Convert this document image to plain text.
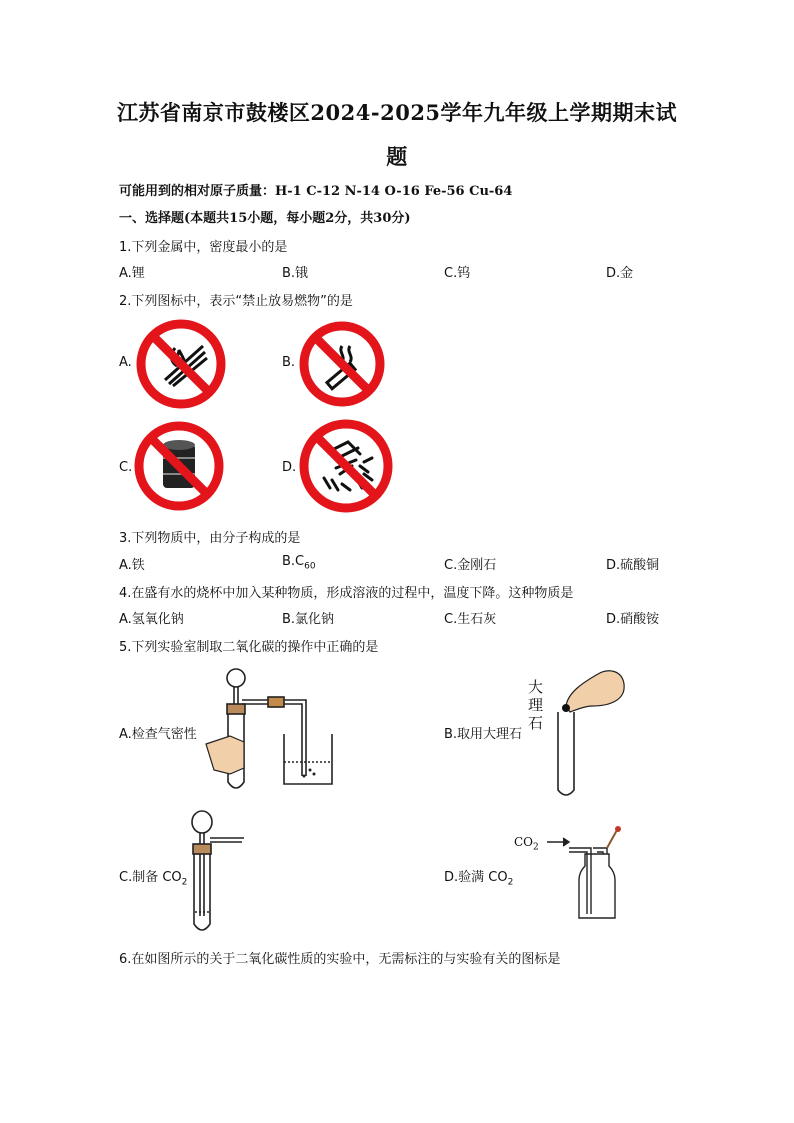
江苏省南京市鼓楼区2024-2025学年九年级上学期期末试
题
可能用到的相对原子质量：H-1 C-12 N-14 O-16 Fe-56 Cu-64
一、选择题(本题共15小题，每小题2分，共30分)
1.下列金属中，密度最小的是
A.锂	B.锇	C.钨	D.金
2.下列图标中，表示“禁止放易燃物”的是
A.	B.
C.	D.
3.下列物质中，由分子构成的是
A.铁	$B.C_{60}$	C.金刚石	D.硫酸铜
4.在盛有水的烧杯中加入某种物质，形成溶液的过程中，温度下降。这种物质是
A.氢氧化钠	B.氯化钠	C.生石灰	D.硝酸铵
5.下列实验室制取二氧化碳的操作中正确的是
A.检查气密性	B.取用大理石
C.制备 $CO_2$	D.验满 $CO_2$
大
理
石
$CO_2$
6.在如图所示的关于二氧化碳性质的实验中，无需标注的与实验有关的图标是
